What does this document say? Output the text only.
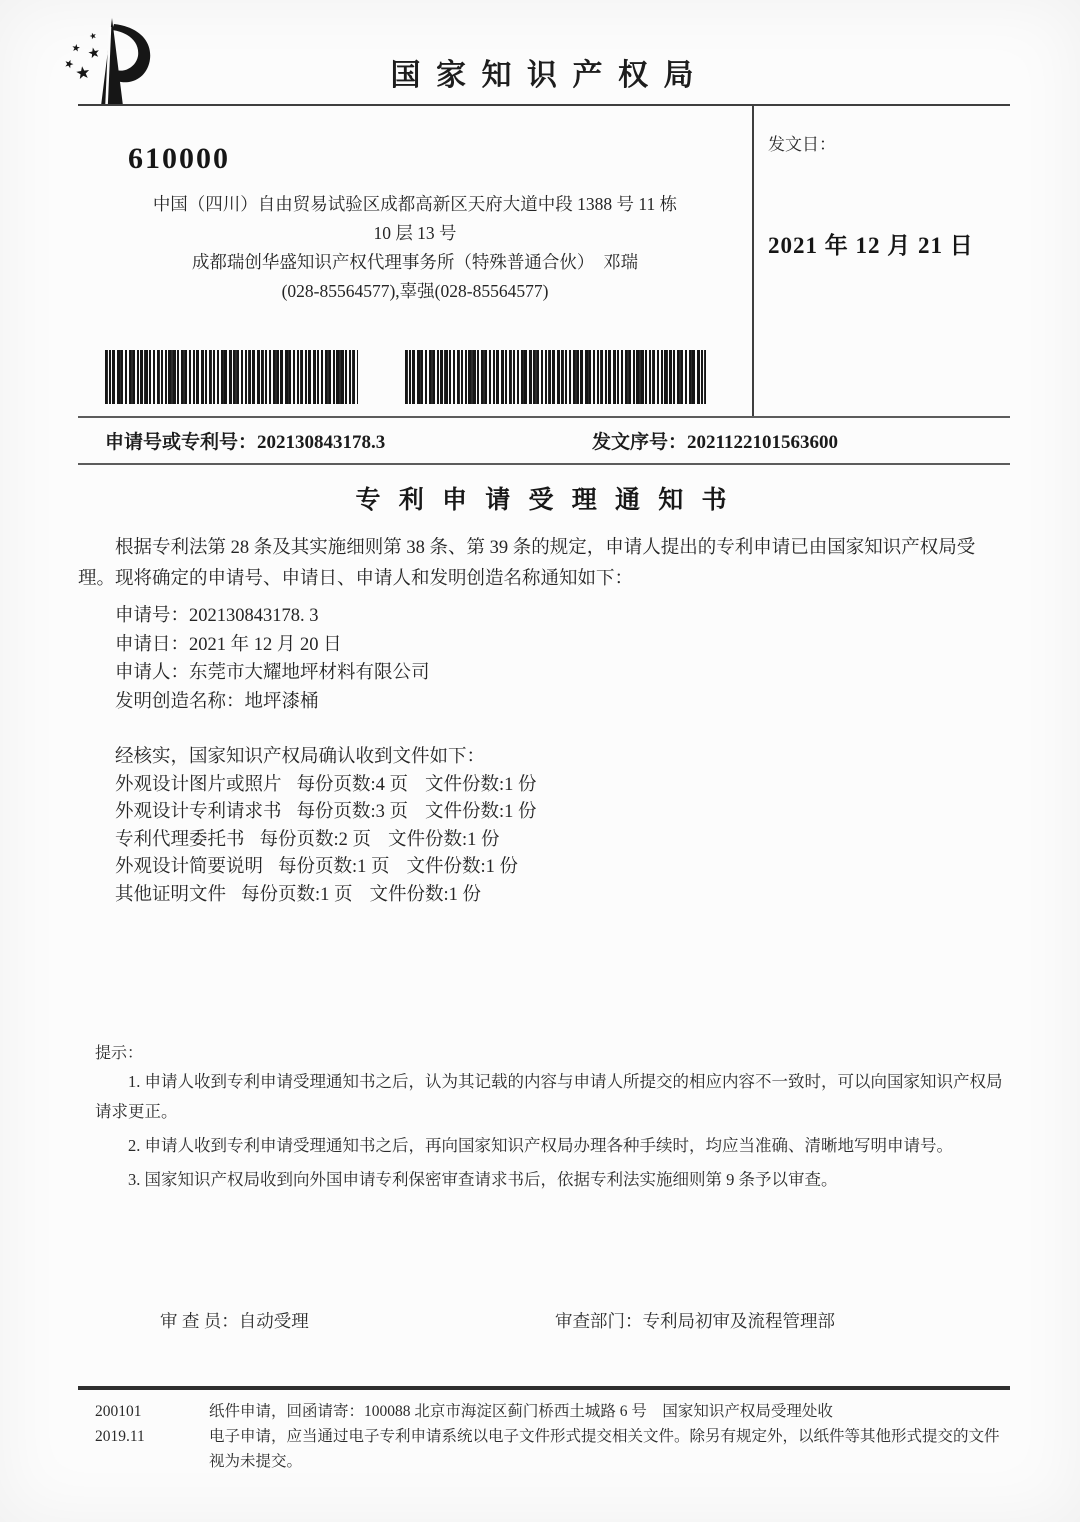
国 家 知 识 产 权 局
610000
中国（四川）自由贸易试验区成都高新区天府大道中段 1388 号 11 栋
10 层 13 号
成都瑞创华盛知识产权代理事务所（特殊普通合伙）　邓瑞
(028-85564577),辜强(028-85564577)
发文日：
2021 年 12 月 21 日
申请号或专利号：202130843178.3	发文序号：2021122101563600
专 利 申 请 受 理 通 知 书

根据专利法第 28 条及其实施细则第 38 条、第 39 条的规定，申请人提出的专利申请已由国家知识产权局受理。现将确定的申请号、申请日、申请人和发明创造名称通知如下：

申请号：202130843178. 3
申请日：2021 年 12 月 20 日
申请人：东莞市大耀地坪材料有限公司
发明创造名称：地坪漆桶
经核实，国家知识产权局确认收到文件如下：
外观设计图片或照片 每份页数:4 页 文件份数:1 份
外观设计专利请求书 每份页数:3 页 文件份数:1 份
专利代理委托书 每份页数:2 页 文件份数:1 份
外观设计简要说明 每份页数:1 页 文件份数:1 份
其他证明文件 每份页数:1 页 文件份数:1 份
提示：

1. 申请人收到专利申请受理通知书之后，认为其记载的内容与申请人所提交的相应内容不一致时，可以向国家知识产权局请求更正。

2. 申请人收到专利申请受理通知书之后，再向国家知识产权局办理各种手续时，均应当准确、清晰地写明申请号。

3. 国家知识产权局收到向外国申请专利保密审查请求书后，依据专利法实施细则第 9 条予以审查。

审 查 员：自动受理	审查部门：专利局初审及流程管理部
200101	纸件申请，回函请寄：100088 北京市海淀区蓟门桥西土城路 6 号　国家知识产权局受理处收
2019.11	电子申请，应当通过电子专利申请系统以电子文件形式提交相关文件。除另有规定外，以纸件等其他形式提交的文件视为未提交。
